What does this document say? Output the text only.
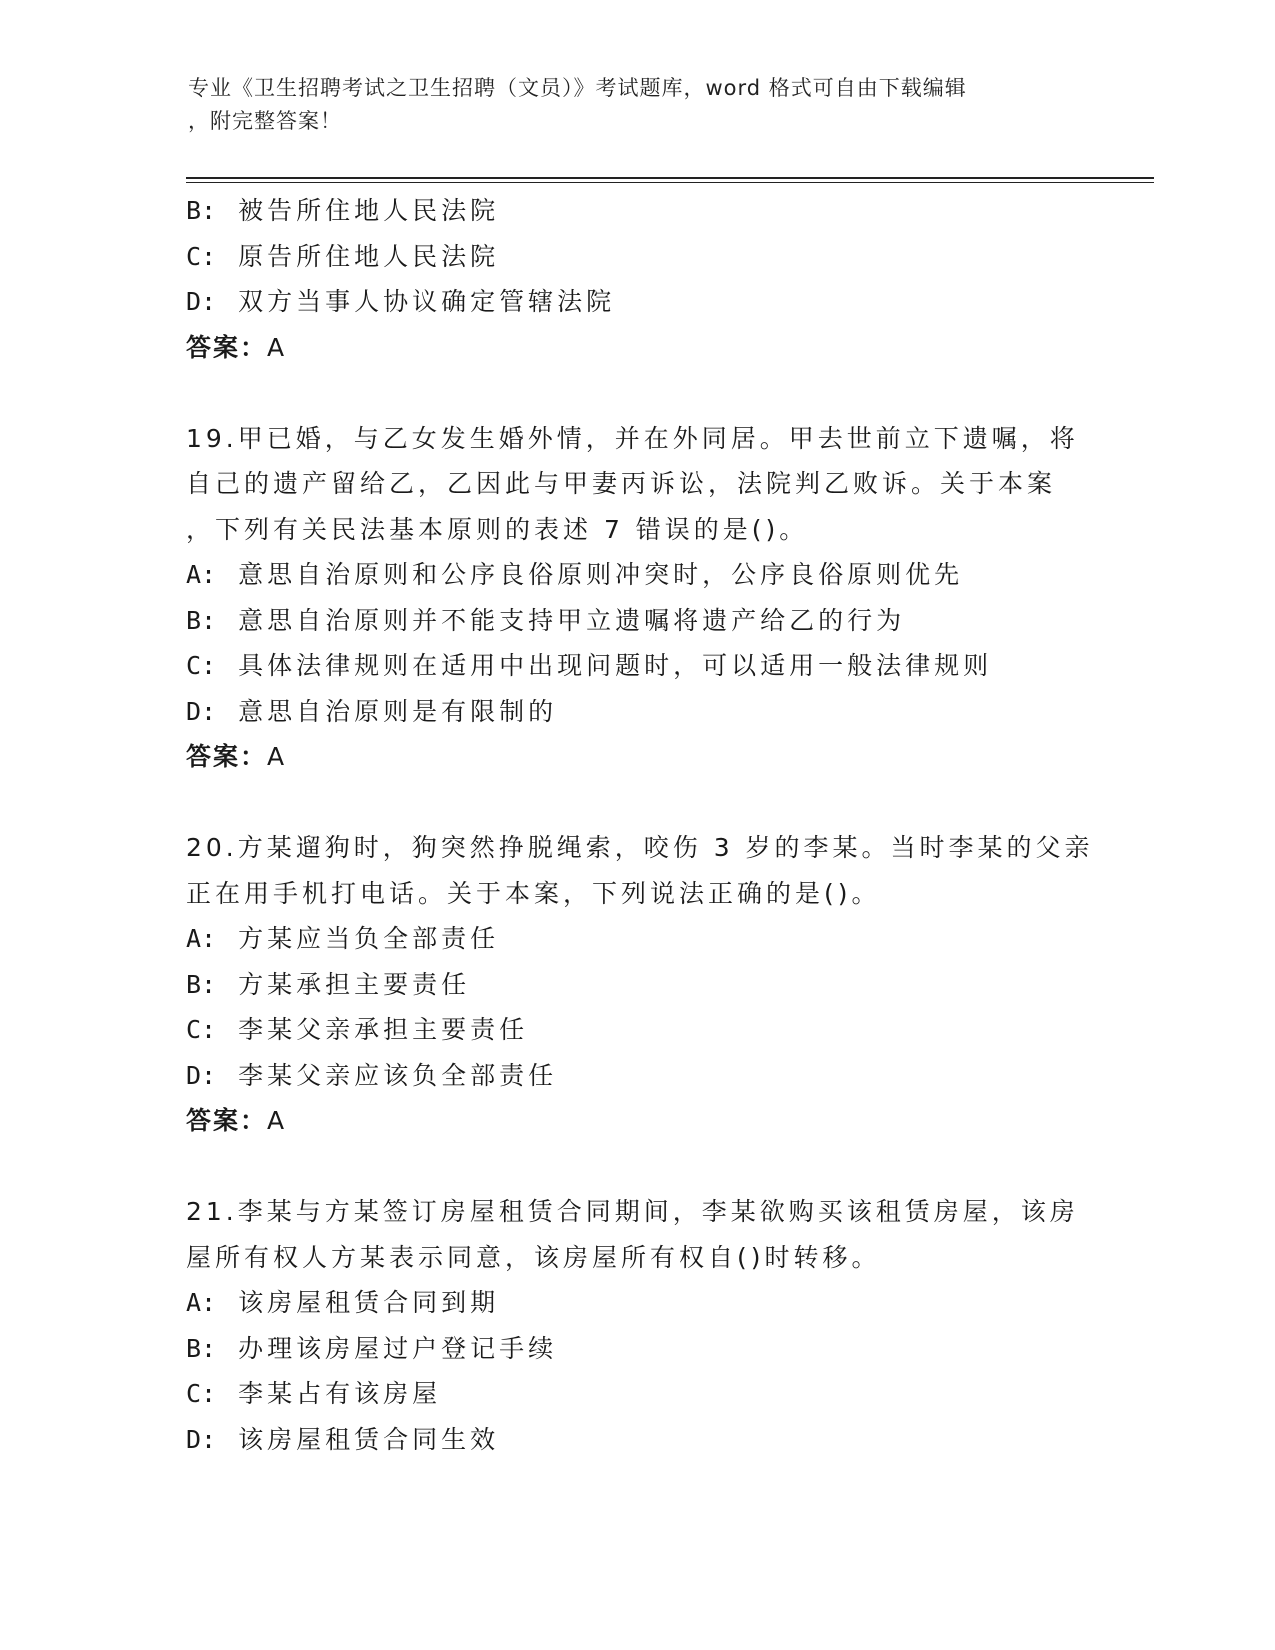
专业《卫生招聘考试之卫生招聘（文员）》考试题库，word 格式可自由下载编辑
，附完整答案！
B: 被告所住地人民法院
C: 原告所住地人民法院
D: 双方当事人协议确定管辖法院
答案：A
19.甲已婚，与乙女发生婚外情，并在外同居。甲去世前立下遗嘱，将
自己的遗产留给乙，乙因此与甲妻丙诉讼，法院判乙败诉。关于本案
，下列有关民法基本原则的表述 7 错误的是()。
A: 意思自治原则和公序良俗原则冲突时，公序良俗原则优先
B: 意思自治原则并不能支持甲立遗嘱将遗产给乙的行为
C: 具体法律规则在适用中出现问题时，可以适用一般法律规则
D: 意思自治原则是有限制的
答案：A
20.方某遛狗时，狗突然挣脱绳索，咬伤 3 岁的李某。当时李某的父亲
正在用手机打电话。关于本案，下列说法正确的是()。
A: 方某应当负全部责任
B: 方某承担主要责任
C: 李某父亲承担主要责任
D: 李某父亲应该负全部责任
答案：A
21.李某与方某签订房屋租赁合同期间，李某欲购买该租赁房屋，该房
屋所有权人方某表示同意，该房屋所有权自()时转移。
A: 该房屋租赁合同到期
B: 办理该房屋过户登记手续
C: 李某占有该房屋
D: 该房屋租赁合同生效
